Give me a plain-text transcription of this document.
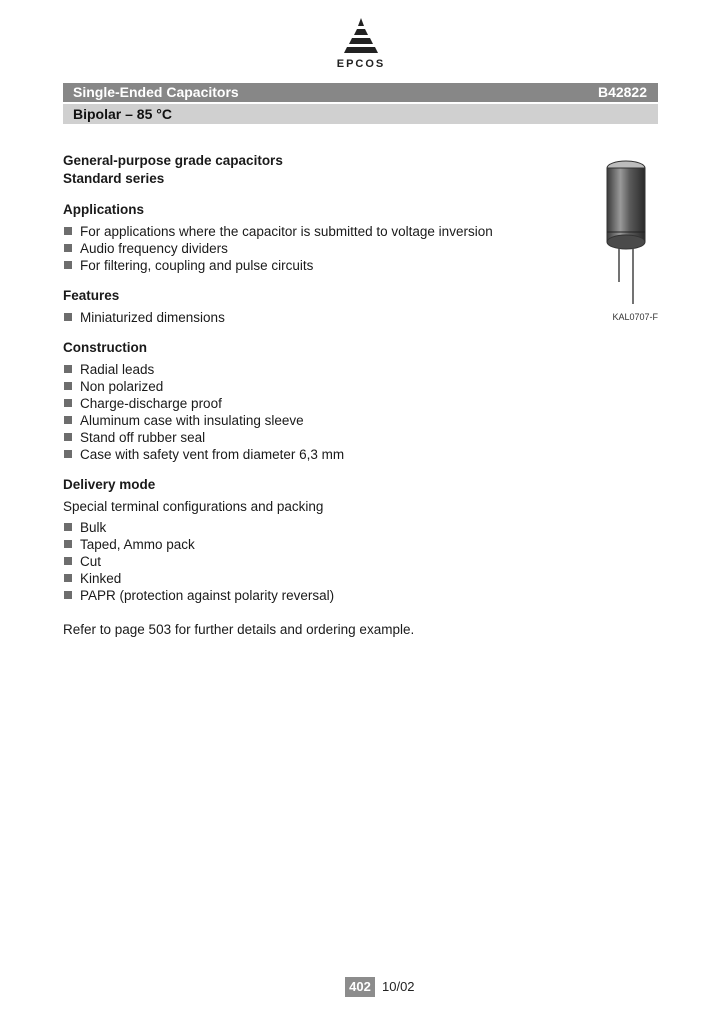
EPCOS
Single-Ended Capacitors	B42822
Bipolar – 85 °C
General-purpose grade capacitors
Standard series
Applications
For applications where the capacitor is submitted to voltage inversion
Audio frequency dividers
For filtering, coupling and pulse circuits
Features
Miniaturized dimensions
Construction
Radial leads
Non polarized
Charge-discharge proof
Aluminum case with insulating sleeve
Stand off rubber seal
Case with safety vent from diameter 6,3 mm
Delivery mode
Special terminal configurations and packing
Bulk
Taped, Ammo pack
Cut
Kinked
PAPR (protection against polarity reversal)
Refer to page 503 for further details and ordering example.
KAL0707-F
402 10/02
